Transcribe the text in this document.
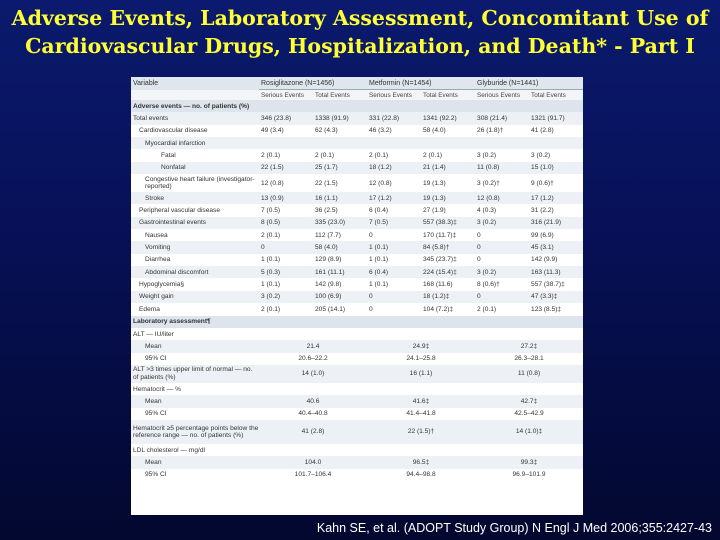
Adverse Events, Laboratory Assessment, Concomitant Use of
Cardiovascular Drugs, Hospitalization, and Death* - Part I
Variable	Rosiglitazone (N=1456)		Metformin (N=1454)		Glyburide (N=1441)	
	Serious Events	Total Events	Serious Events	Total Events	Serious Events	Total Events
Adverse events — no. of patients (%)						
Total events	346 (23.8)	1338 (91.9)	331 (22.8)	1341 (92.2)	308 (21.4)	1321 (91.7)
Cardiovascular disease	49 (3.4)	62 (4.3)	46 (3.2)	58 (4.0)	26 (1.8)†	41 (2.8)
Myocardial infarction						
Fatal	2 (0.1)	2 (0.1)	2 (0.1)	2 (0.1)	3 (0.2)	3 (0.2)
Nonfatal	22 (1.5)	25 (1.7)	18 (1.2)	21 (1.4)	11 (0.8)	15 (1.0)
Congestive heart failure (investigator-reported)	12 (0.8)	22 (1.5)	12 (0.8)	19 (1.3)	3 (0.2)†	9 (0.6)†
Stroke	13 (0.9)	16 (1.1)	17 (1.2)	19 (1.3)	12 (0.8)	17 (1.2)
Peripheral vascular disease	7 (0.5)	36 (2.5)	6 (0.4)	27 (1.9)	4 (0.3)	31 (2.2)
Gastrointestinal events	8 (0.5)	335 (23.0)	7 (0.5)	557 (38.3)‡	3 (0.2)	316 (21.9)
Nausea	2 (0.1)	112 (7.7)	0	170 (11.7)‡	0	99 (6.9)
Vomiting	0	58 (4.0)	1 (0.1)	84 (5.8)†	0	45 (3.1)
Diarrhea	1 (0.1)	129 (8.9)	1 (0.1)	345 (23.7)‡	0	142 (9.9)
Abdominal discomfort	5 (0.3)	161 (11.1)	6 (0.4)	224 (15.4)‡	3 (0.2)	163 (11.3)
Hypoglycemia§	1 (0.1)	142 (9.8)	1 (0.1)	168 (11.6)	8 (0.6)†	557 (38.7)‡
Weight gain	3 (0.2)	100 (6.9)	0	18 (1.2)‡	0	47 (3.3)‡
Edema	2 (0.1)	205 (14.1)	0	104 (7.2)‡	2 (0.1)	123 (8.5)‡
Laboratory assessment¶						
ALT — IU/liter						
Mean	21.4		24.9‡		27.2‡	
95% CI	20.6–22.2		24.1–25.8		26.3–28.1	
ALT >3 times upper limit of normal — no. of patients (%)	14 (1.0)		16 (1.1)		11 (0.8)	
Hematocrit — %						
Mean	40.6		41.6‡		42.7‡	
95% CI	40.4–40.8		41.4–41.8		42.5–42.9	
Hematocrit ≥5 percentage points below the reference range — no. of patients (%)	41 (2.8)		22 (1.5)†		14 (1.0)‡	
LDL cholesterol — mg/dl						
Mean	104.0		96.5‡		99.3‡	
95% CI	101.7–106.4		94.4–98.8		96.9–101.9	
Kahn SE, et al. (ADOPT Study Group) N Engl J Med 2006;355:2427-43
